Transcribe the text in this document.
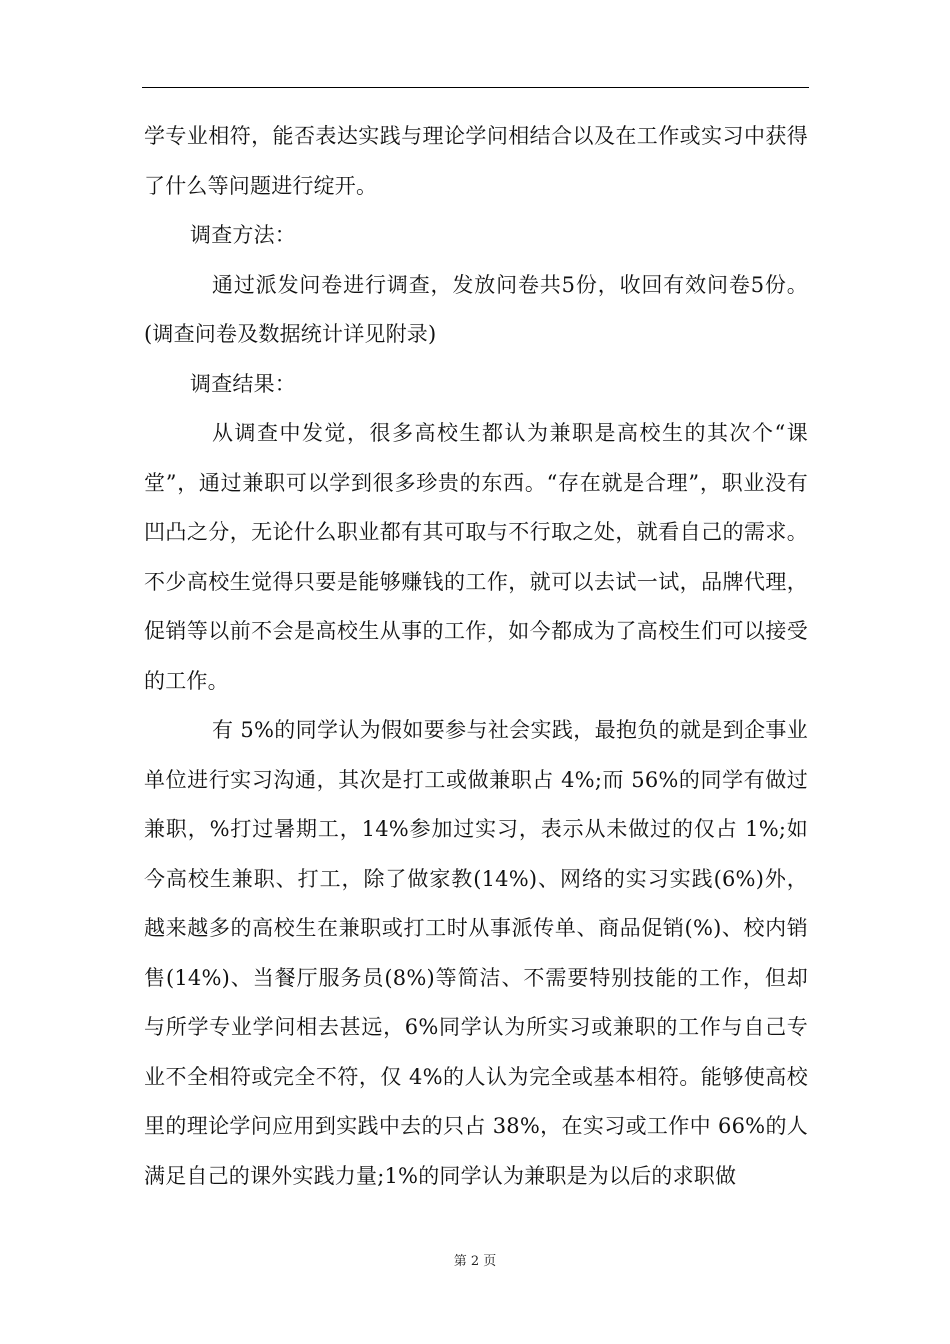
学专业相符，能否表达实践与理论学问相结合以及在工作或实习中获得了什么等问题进行绽开。

调查方法：

通过派发问卷进行调查，发放问卷共5份，收回有效问卷5份。(调查问卷及数据统计详见附录)

调查结果：

从调查中发觉，很多高校生都认为兼职是高校生的其次个“课堂”，通过兼职可以学到很多珍贵的东西。“存在就是合理”，职业没有凹凸之分，无论什么职业都有其可取与不行取之处，就看自己的需求。不少高校生觉得只要是能够赚钱的工作，就可以去试一试，品牌代理，促销等以前不会是高校生从事的工作，如今都成为了高校生们可以接受的工作。

有 5%的同学认为假如要参与社会实践，最抱负的就是到企事业单位进行实习沟通，其次是打工或做兼职占 4%;而 56%的同学有做过兼职，%打过暑期工，14%参加过实习，表示从未做过的仅占 1%;如今高校生兼职、打工，除了做家教(14%)、网络的实习实践(6%)外，越来越多的高校生在兼职或打工时从事派传单、商品促销(%)、校内销售(14%)、当餐厅服务员(8%)等简洁、不需要特别技能的工作，但却与所学专业学问相去甚远，6%同学认为所实习或兼职的工作与自己专业不全相符或完全不符，仅 4%的人认为完全或基本相符。能够使高校里的理论学问应用到实践中去的只占 38%，在实习或工作中 66%的人满足自己的课外实践力量;1%的同学认为兼职是为以后的求职做

第 2 页
